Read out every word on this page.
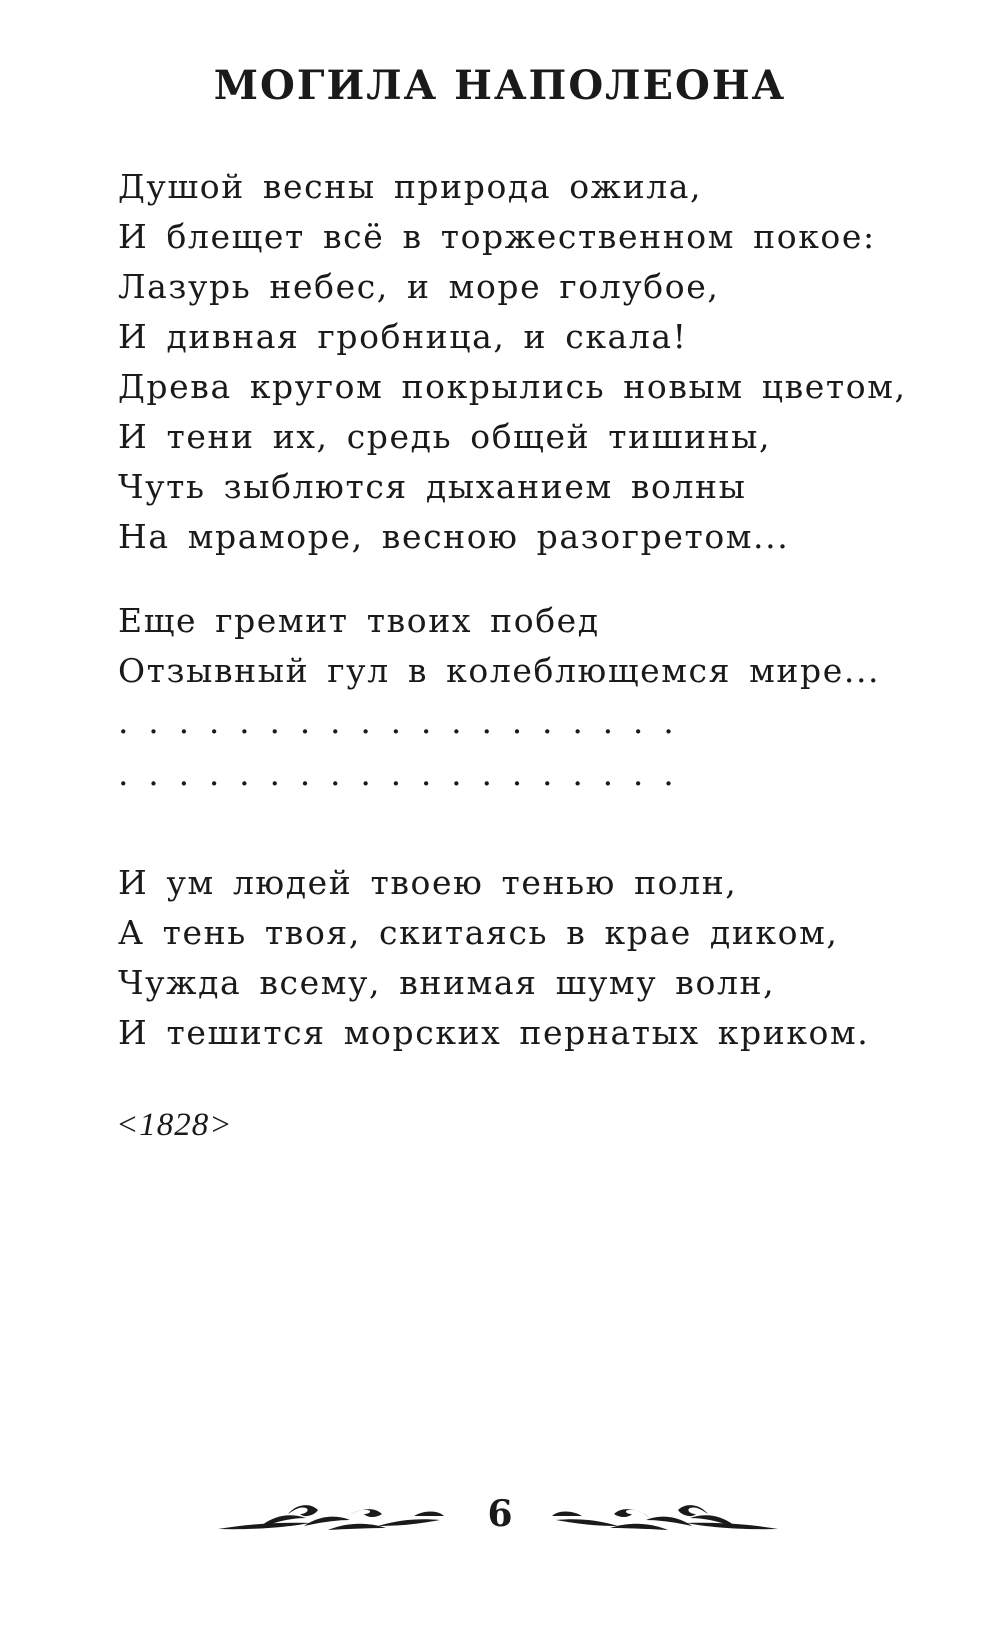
МОГИЛА НАПОЛЕОНА
Душой весны природа ожила,
И блещет всё в торжественном покое:
Лазурь небес, и море голубое,
И дивная гробница, и скала!
Древа кругом покрылись новым цветом,
И тени их, средь общей тишины,
Чуть зыблются дыханием волны
На мраморе, весною разогретом...
Еще гремит твоих побед
Отзывный гул в колеблющемся мире...
...................
...................
И ум людей твоею тенью полн,
А тень твоя, скитаясь в крае диком,
Чужда всему, внимая шуму волн,
И тешится морских пернатых криком.

<1828>

6
